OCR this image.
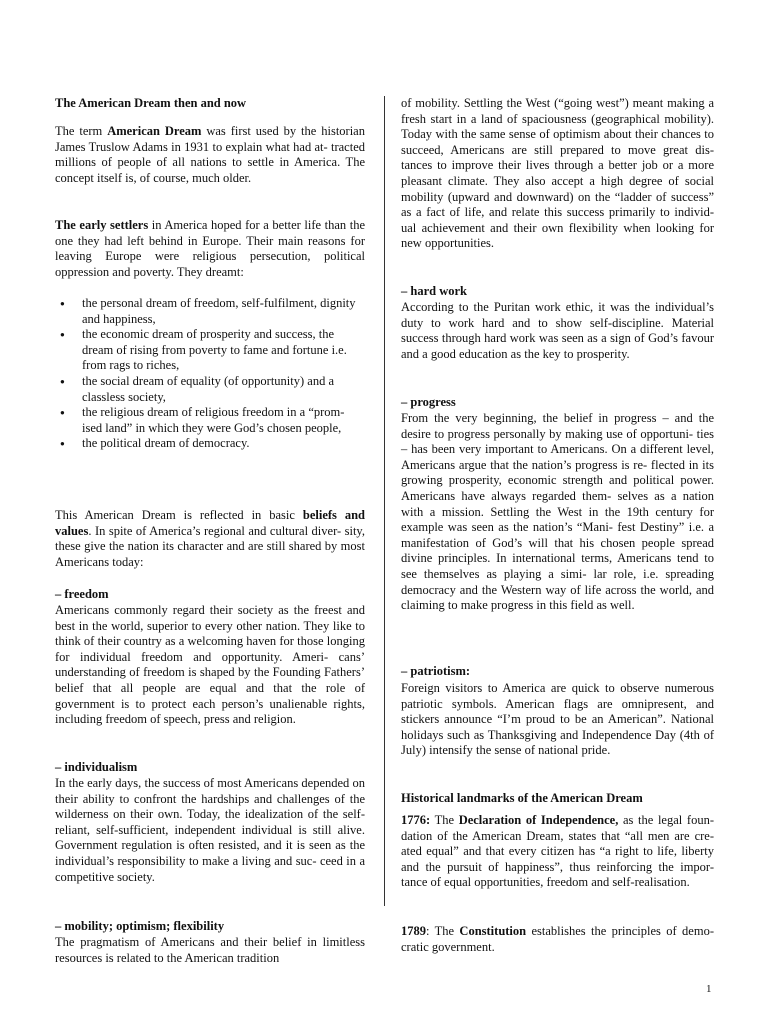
The American Dream then and now

The term American Dream was first used by the historian James Truslow Adams in 1931 to explain what had at- tracted millions of people of all nations to settle in America. The concept itself is, of course, much older.

The early settlers in America hoped for a better life than the one they had left behind in Europe. Their main reasons for leaving Europe were religious persecution, political oppression and poverty. They dreamt:

● the personal dream of freedom, self-fulfilment, dignity and happiness,
● the economic dream of prosperity and success, the dream of rising from poverty to fame and fortune i.e. from rags to riches,
● the social dream of equality (of opportunity) and a classless society,
● the religious dream of religious freedom in a “prom- ised land” in which they were God’s chosen people,
● the political dream of democracy.

This American Dream is reflected in basic beliefs and values. In spite of America’s regional and cultural diver- sity, these give the nation its character and are still shared by most Americans today:

– freedom

Americans commonly regard their society as the freest and best in the world, superior to every other nation. They like to think of their country as a welcoming haven for those longing for individual freedom and opportunity. Ameri- cans’ understanding of freedom is shaped by the Founding Fathers’ belief that all people are equal and that the role of government is to protect each person’s unalienable rights, including freedom of speech, press and religion.

– individualism

In the early days, the success of most Americans depended on their ability to confront the hardships and challenges of the wilderness on their own. Today, the idealization of the self-reliant, self-sufficient, independent individual is still alive. Government regulation is often resisted, and it is seen as the individual’s responsibility to make a living and suc- ceed in a competitive society.

– mobility; optimism; flexibility

The pragmatism of Americans and their belief in limitless resources is related to the American tradition

of mobility. Settling the West (“going west”) meant making a fresh start in a land of spaciousness (geographical mobility). Today with the same sense of optimism about their chances to succeed, Americans are still prepared to move great dis- tances to improve their lives through a better job or a more pleasant climate. They also accept a high degree of social mobility (upward and downward) on the “ladder of success” as a fact of life, and relate this success primarily to individ- ual achievement and their own flexibility when looking for new opportunities.

– hard work

According to the Puritan work ethic, it was the individual’s duty to work hard and to show self-discipline. Material success through hard work was seen as a sign of God’s favour and a good education as the key to prosperity.

– progress

From the very beginning, the belief in progress – and the desire to progress personally by making use of opportuni- ties – has been very important to Americans. On a different level, Americans argue that the nation’s progress is re- flected in its growing prosperity, economic strength and political power. Americans have always regarded them- selves as a nation with a mission. Settling the West in the 19th century for example was seen as the nation’s “Mani- fest Destiny” i.e. a manifestation of God’s will that his chosen people spread divine principles. In international terms, Americans tend to see themselves as playing a simi- lar role, i.e. spreading democracy and the Western way of life across the world, and claiming to make progress in this field as well.

– patriotism:

Foreign visitors to America are quick to observe numerous patriotic symbols. American flags are omnipresent, and stickers announce “I’m proud to be an American”. National holidays such as Thanksgiving and Independence Day (4th of July) intensify the sense of national pride.

Historical landmarks of the American Dream

1776: The Declaration of Independence, as the legal foun- dation of the American Dream, states that “all men are cre- ated equal” and that every citizen has “a right to life, liberty and the pursuit of happiness”, thus reinforcing the impor- tance of equal opportunities, freedom and self-realisation.

1789: The Constitution establishes the principles of demo- cratic government.

1
